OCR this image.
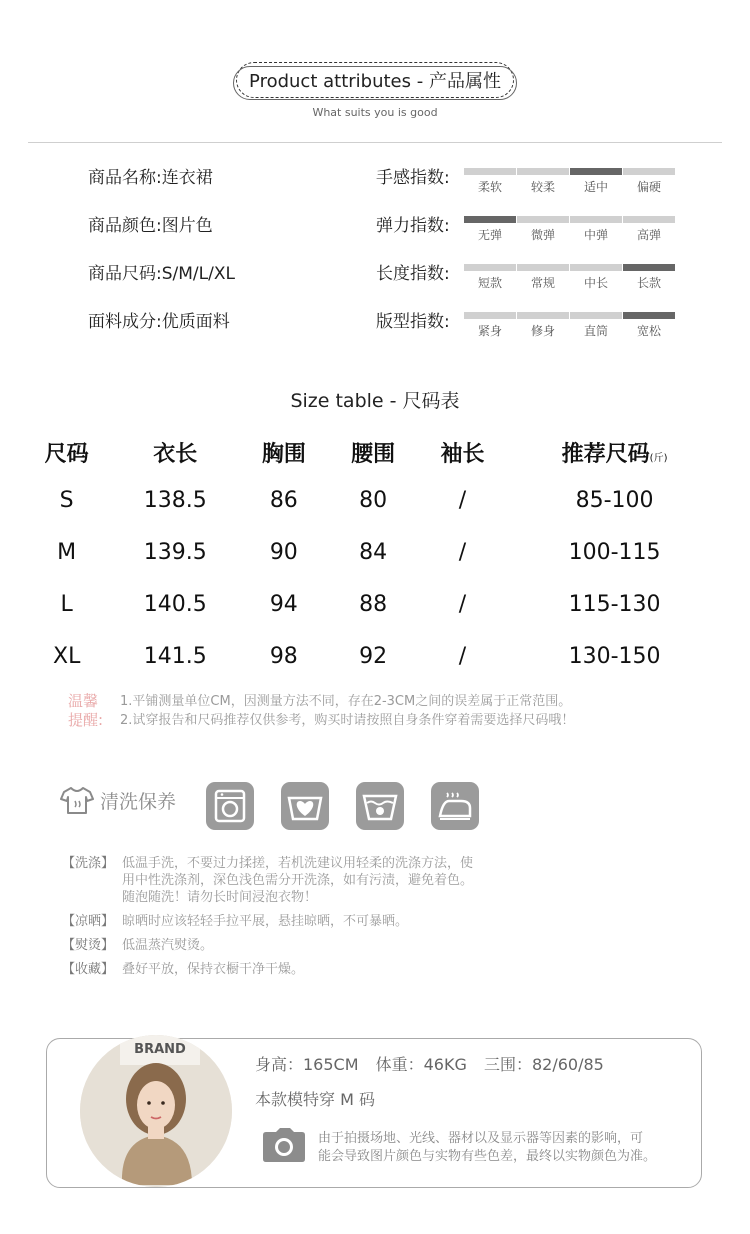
Product attributes - 产品属性
What suits you is good
商品名称:连衣裙
商品颜色:图片色
商品尺码:S/M/L/XL
面料成分:优质面料
手感指数:	柔软	较柔	适中	偏硬
弹力指数:	无弹	微弹	中弹	高弹
长度指数:	短款	常规	中长	长款
版型指数:	紧身	修身	直筒	宽松
Size table - 尺码表
尺码	衣长	胸围	腰围	袖长	推荐尺码(斤)
S	138.5	86	80	/	85-100
M	139.5	90	84	/	100-115
L	140.5	94	88	/	115-130
XL	141.5	98	92	/	130-150
温馨
提醒:
1.平铺测量单位CM，因测量方法不同，存在2-3CM之间的误差属于正常范围。
2.试穿报告和尺码推荐仅供参考，购买时请按照自身条件穿着需要选择尺码哦！
清洗保养
【洗涤】 低温手洗，不要过力揉搓，若机洗建议用轻柔的洗涤方法，使
用中性洗涤剂，深色浅色需分开洗涤，如有污渍，避免着色。
随泡随洗！请勿长时间浸泡衣物！
【凉晒】 晾晒时应该轻轻手拉平展，悬挂晾晒，不可暴晒。
【熨烫】 低温蒸汽熨烫。
【收藏】 叠好平放，保持衣橱干净干燥。
BRAND
身高：165CM 体重：46KG 三围：82/60/85
本款模特穿 M 码
由于拍摄场地、光线、器材以及显示器等因素的影响，可
能会导致图片颜色与实物有些色差，最终以实物颜色为准。
